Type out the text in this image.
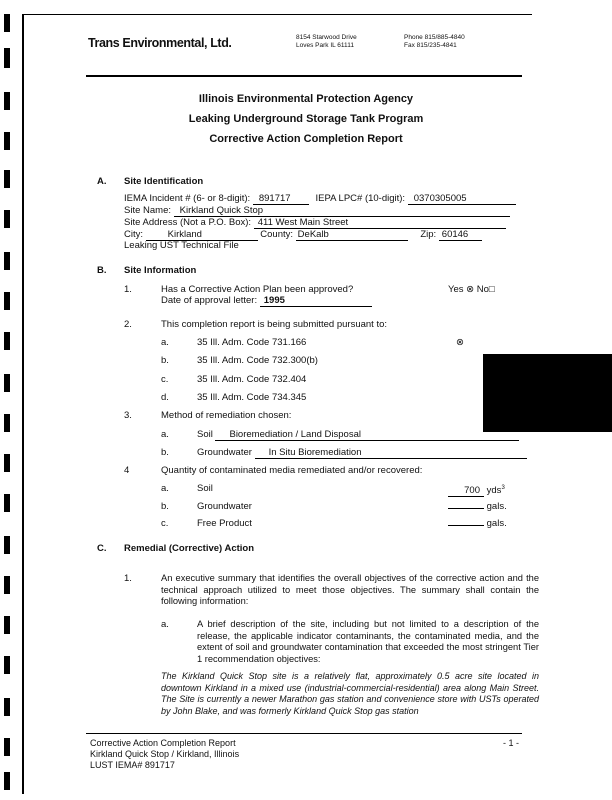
Trans Environmental, Ltd.	8154 Starwood Drive
Loves Park IL 61111
Phone 815/885-4840
Fax 815/235-4841
Illinois Environmental Protection Agency
Leaking Underground Storage Tank Program
Corrective Action Completion Report
A. Site Identification
IEMA Incident # (6- or 8-digit): 891717	IEPA LPC# (10-digit): 0370305005
Site Name: Kirkland Quick Stop
Site Address (Not a P.O. Box): 411 West Main Street
City:	Kirkland	County: DeKalb	Zip: 60146
Leaking UST Technical File
B. Site Information
1.	Has a Corrective Action Plan been approved?	Yes ⊗ No□
Date of approval letter: 1995
2.	This completion report is being submitted pursuant to:
a.	35 Ill. Adm. Code 731.166	⊗
b.	35 Ill. Adm. Code 732.300(b)
c.	35 Ill. Adm. Code 732.404
d.	35 Ill. Adm. Code 734.345
3.	Method of remediation chosen:
a.	Soil Bioremediation / Land Disposal
b.	Groundwater In Situ Bioremediation
4	Quantity of contaminated media remediated and/or recovered:
a.	Soil	700 yds$^3$
b.	Groundwater	gals.
c.	Free Product	gals.
C. Remedial (Corrective) Action
1.	An executive summary that identifies the overall objectives of the corrective action and the technical approach utilized to meet those objectives. The summary shall contain the following information:
a.	A brief description of the site, including but not limited to a description of the release, the applicable indicator contaminants, the contaminated media, and the extent of soil and groundwater contamination that exceeded the most stringent Tier 1 recommendation objectives:
The Kirkland Quick Stop site is a relatively flat, approximately 0.5 acre site located in downtown Kirkland in a mixed use (industrial-commercial-residential) area along Main Street. The Site is currently a newer Marathon gas station and convenience store with USTs operated by John Blake, and was formerly Kirkland Quick Stop gas station
Corrective Action Completion Report
Kirkland Quick Stop / Kirkland, Illinois
LUST IEMA# 891717
- 1 -
